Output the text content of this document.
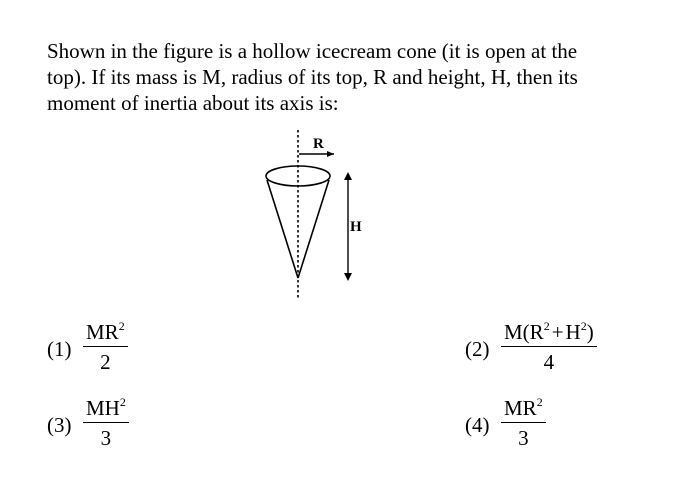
Shown in the figure is a hollow icecream cone (it is open at the
top). If its mass is M, radius of its top, R and height, H, then its
moment of inertia about its axis is:
R
H
(1)
$MR^2$
2
(2)
$M(R^2+H^2)$
4
(3)
$MH^2$
3
(4)
$MR^2$
3
